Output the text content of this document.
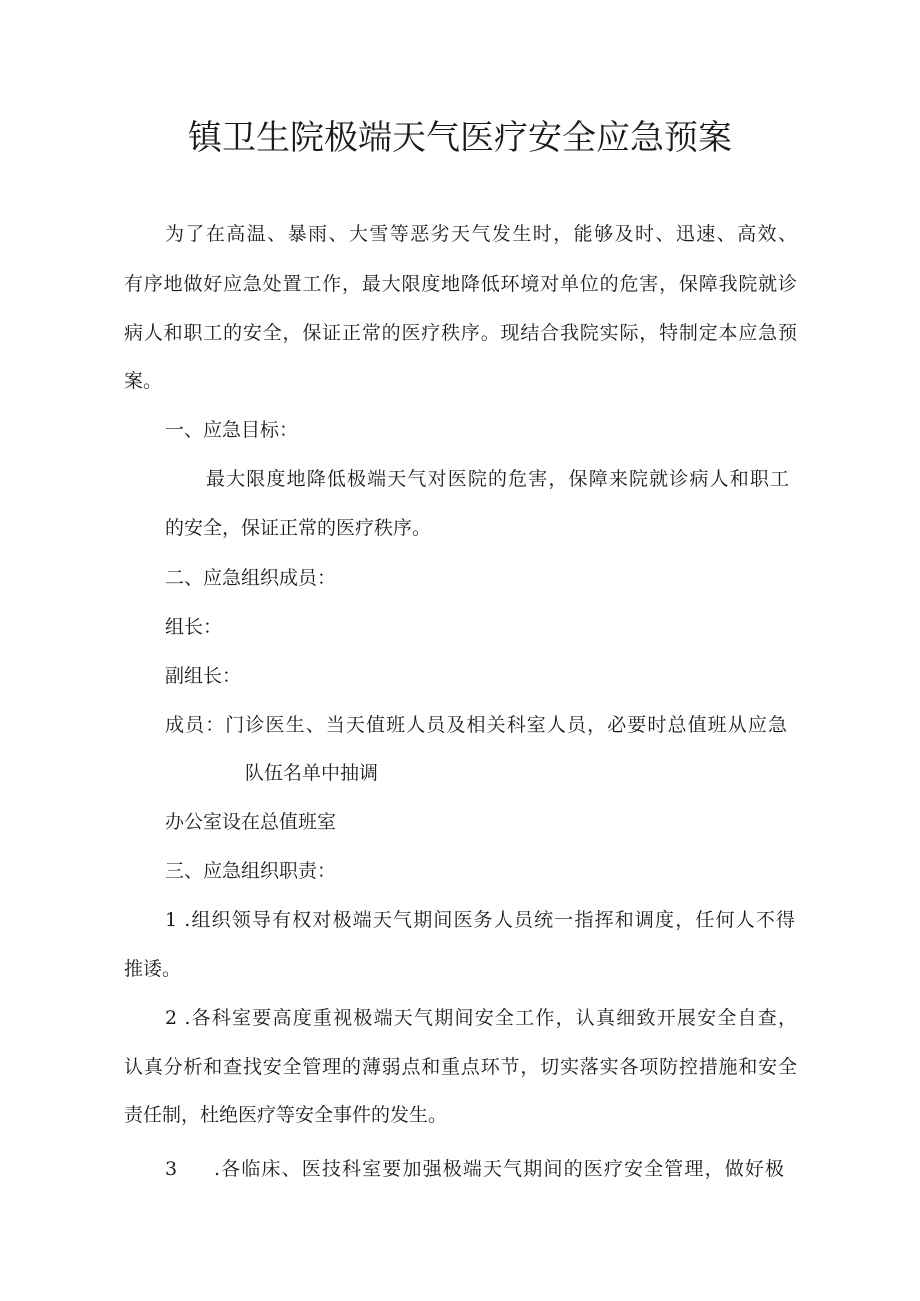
镇卫生院极端天气医疗安全应急预案
为了在高温、暴雨、大雪等恶劣天气发生时，能够及时、迅速、高效、
有序地做好应急处置工作，最大限度地降低环境对单位的危害，保障我院就诊
病人和职工的安全，保证正常的医疗秩序。现结合我院实际，特制定本应急预
案。
一、应急目标：
最大限度地降低极端天气对医院的危害，保障来院就诊病人和职工
的安全，保证正常的医疗秩序。
二、应急组织成员：
组长：
副组长：
成员：门诊医生、当天值班人员及相关科室人员，必要时总值班从应急
队伍名单中抽调
办公室设在总值班室
三、应急组织职责：
1 .组织领导有权对极端天气期间医务人员统一指挥和调度，任何人不得
推诿。
2 .各科室要高度重视极端天气期间安全工作，认真细致开展安全自查，
认真分析和查找安全管理的薄弱点和重点环节，切实落实各项防控措施和安全
责任制，杜绝医疗等安全事件的发生。
3 .各临床、医技科室要加强极端天气期间的医疗安全管理，做好极
